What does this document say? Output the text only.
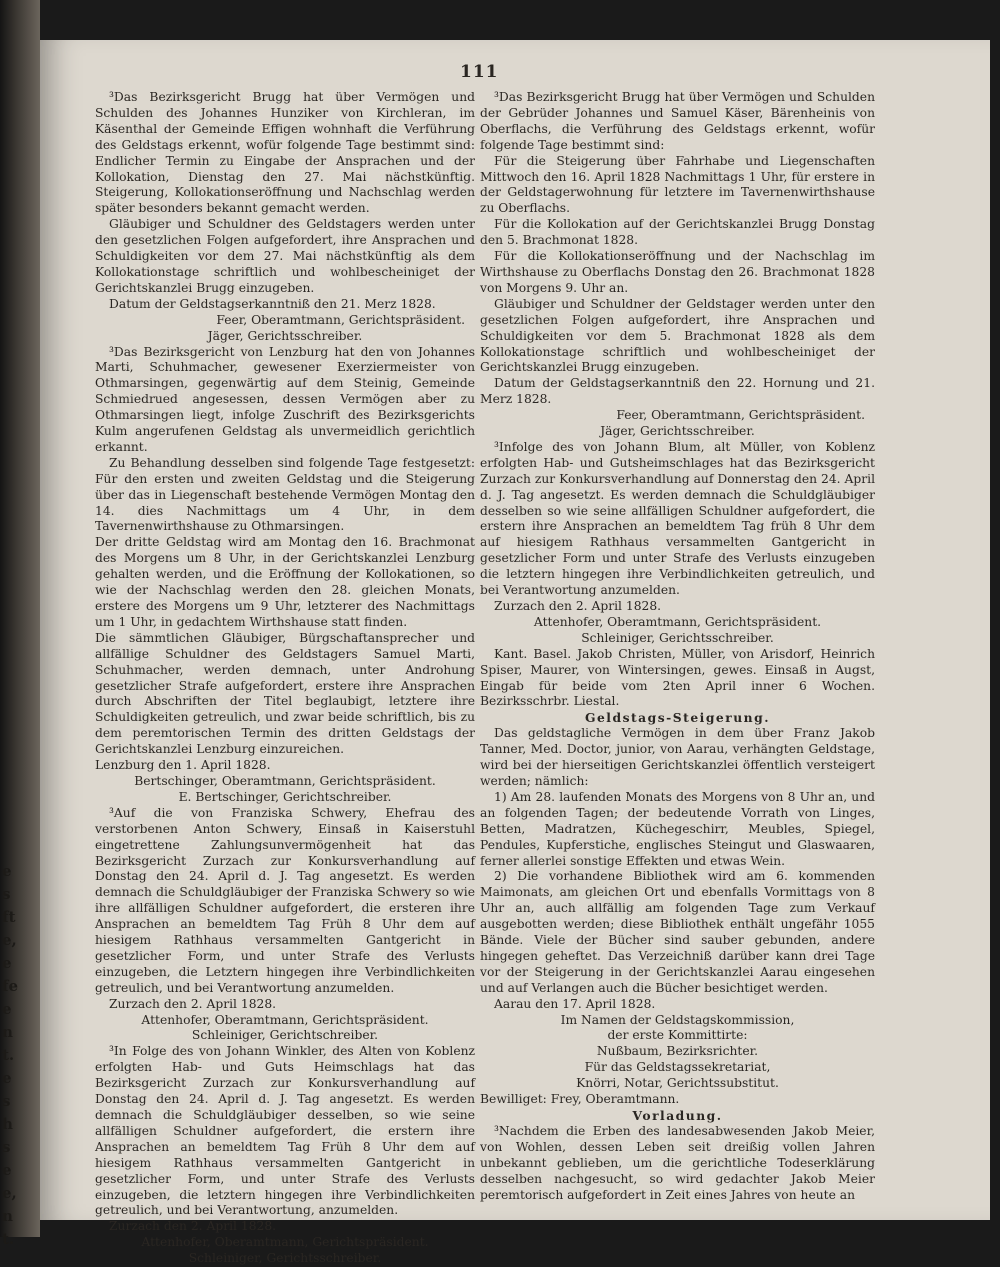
e
s
ft
e,
e
fe
e
n
t.
e
s
h
s
e
e,
n
t.
111

³Das Bezirksgericht Brugg hat über Vermögen und Schulden des Johannes Hunziker von Kirchleran, im Käsenthal der Gemeinde Effigen wohnhaft die Verführung des Geldstags erkennt, wofür folgende Tage bestimmt sind: Endlicher Termin zu Eingabe der Ansprachen und der Kollokation, Dienstag den 27. Mai nächstkünftig. Steigerung, Kollokationseröffnung und Nachschlag werden später besonders bekannt gemacht werden.

Gläubiger und Schuldner des Geldstagers werden unter den gesetzlichen Folgen aufgefordert, ihre Ansprachen und Schuldigkeiten vor dem 27. Mai nächstkünftig als dem Kollokationstage schriftlich und wohlbescheiniget der Gerichtskanzlei Brugg einzugeben.

Datum der Geldstagserkanntniß den 21. Merz 1828.

Feer, Oberamtmann, Gerichtspräsident.

Jäger, Gerichtsschreiber.

³Das Bezirksgericht von Lenzburg hat den von Johannes Marti, Schuhmacher, gewesener Exerziermeister von Othmarsingen, gegenwärtig auf dem Steinig, Gemeinde Schmiedrued angesessen, dessen Vermögen aber zu Othmarsingen liegt, infolge Zuschrift des Bezirksgerichts Kulm angerufenen Geldstag als unvermeidlich gerichtlich erkannt.

Zu Behandlung desselben sind folgende Tage festgesetzt: Für den ersten und zweiten Geldstag und die Steigerung über das in Liegenschaft bestehende Vermögen Montag den 14. dies Nachmittags um 4 Uhr, in dem Tavernenwirthshause zu Othmarsingen.

Der dritte Geldstag wird am Montag den 16. Brachmonat des Morgens um 8 Uhr, in der Gerichtskanzlei Lenzburg gehalten werden, und die Eröffnung der Kollokationen, so wie der Nachschlag werden den 28. gleichen Monats, erstere des Morgens um 9 Uhr, letzterer des Nachmittags um 1 Uhr, in gedachtem Wirthshause statt finden.

Die sämmtlichen Gläubiger, Bürgschaftansprecher und allfällige Schuldner des Geldstagers Samuel Marti, Schuhmacher, werden demnach, unter Androhung gesetzlicher Strafe aufgefordert, erstere ihre Ansprachen durch Abschriften der Titel beglaubigt, letztere ihre Schuldigkeiten getreulich, und zwar beide schriftlich, bis zu dem peremtorischen Termin des dritten Geldstags der Gerichtskanzlei Lenzburg einzureichen.

Lenzburg den 1. April 1828.

Bertschinger, Oberamtmann, Gerichtspräsident.

E. Bertschinger, Gerichtschreiber.

³Auf die von Franziska Schwery, Ehefrau des verstorbenen Anton Schwery, Einsaß in Kaiserstuhl eingetrettene Zahlungsunvermögenheit hat das Bezirksgericht Zurzach zur Konkursverhandlung auf Donstag den 24. April d. J. Tag angesetzt. Es werden demnach die Schuldgläubiger der Franziska Schwery so wie ihre allfälligen Schuldner aufgefordert, die ersteren ihre Ansprachen an bemeldtem Tag Früh 8 Uhr dem auf hiesigem Rathhaus versammelten Gantgericht in gesetzlicher Form, und unter Strafe des Verlusts einzugeben, die Letztern hingegen ihre Verbindlichkeiten getreulich, und bei Verantwortung anzumelden.

Zurzach den 2. April 1828.

Attenhofer, Oberamtmann, Gerichtspräsident.

Schleiniger, Gerichtschreiber.

³In Folge des von Johann Winkler, des Alten von Koblenz erfolgten Hab- und Guts Heimschlags hat das Bezirksgericht Zurzach zur Konkursverhandlung auf Donstag den 24. April d. J. Tag angesetzt. Es werden demnach die Schuldgläubiger desselben, so wie seine allfälligen Schuldner aufgefordert, die erstern ihre Ansprachen an bemeldtem Tag Früh 8 Uhr dem auf hiesigem Rathhaus versammelten Gantgericht in gesetzlicher Form, und unter Strafe des Verlusts einzugeben, die letztern hingegen ihre Verbindlichkeiten getreulich, und bei Verantwortung, anzumelden.

Zurzach den 2. April 1828.

Attenhofer, Oberamtmann, Gerichtspräsident.

Schleiniger, Gerichtsschreiber.

³Das Bezirksgericht Brugg hat über Vermögen und Schulden der Gebrüder Johannes und Samuel Käser, Bärenheinis von Oberflachs, die Verführung des Geldstags erkennt, wofür folgende Tage bestimmt sind:

Für die Steigerung über Fahrhabe und Liegenschaften Mittwoch den 16. April 1828 Nachmittags 1 Uhr, für erstere in der Geldstagerwohnung für letztere im Tavernenwirthshause zu Oberflachs.

Für die Kollokation auf der Gerichtskanzlei Brugg Donstag den 5. Brachmonat 1828.

Für die Kollokationseröffnung und der Nachschlag im Wirthshause zu Oberflachs Donstag den 26. Brachmonat 1828 von Morgens 9. Uhr an.

Gläubiger und Schuldner der Geldstager werden unter den gesetzlichen Folgen aufgefordert, ihre Ansprachen und Schuldigkeiten vor dem 5. Brachmonat 1828 als dem Kollokationstage schriftlich und wohlbescheiniget der Gerichtskanzlei Brugg einzugeben.

Datum der Geldstagserkanntniß den 22. Hornung und 21. Merz 1828.

Feer, Oberamtmann, Gerichtspräsident.

Jäger, Gerichtsschreiber.

³Infolge des von Johann Blum, alt Müller, von Koblenz erfolgten Hab- und Gutsheimschlages hat das Bezirksgericht Zurzach zur Konkursverhandlung auf Donnerstag den 24. April d. J. Tag angesetzt. Es werden demnach die Schuldgläubiger desselben so wie seine allfälligen Schuldner aufgefordert, die erstern ihre Ansprachen an bemeldtem Tag früh 8 Uhr dem auf hiesigem Rathhaus versammelten Gantgericht in gesetzlicher Form und unter Strafe des Verlusts einzugeben die letztern hingegen ihre Verbindlichkeiten getreulich, und bei Verantwortung anzumelden.

Zurzach den 2. April 1828.

Attenhofer, Oberamtmann, Gerichtspräsident.

Schleiniger, Gerichtsschreiber.

Kant. Basel. Jakob Christen, Müller, von Arisdorf, Heinrich Spiser, Maurer, von Wintersingen, gewes. Einsaß in Augst, Eingab für beide vom 2ten April inner 6 Wochen. Bezirksschrbr. Liestal.

Geldstags-Steigerung.

Das geldstagliche Vermögen in dem über Franz Jakob Tanner, Med. Doctor, junior, von Aarau, verhängten Geldstage, wird bei der hierseitigen Gerichtskanzlei öffentlich versteigert werden; nämlich:

1) Am 28. laufenden Monats des Morgens von 8 Uhr an, und an folgenden Tagen; der bedeutende Vorrath von Linges, Betten, Madratzen, Küchegeschirr, Meubles, Spiegel, Pendules, Kupferstiche, englisches Steingut und Glaswaaren, ferner allerlei sonstige Effekten und etwas Wein.

2) Die vorhandene Bibliothek wird am 6. kommenden Maimonats, am gleichen Ort und ebenfalls Vormittags von 8 Uhr an, auch allfällig am folgenden Tage zum Verkauf ausgebotten werden; diese Bibliothek enthält ungefähr 1055 Bände. Viele der Bücher sind sauber gebunden, andere hingegen geheftet. Das Verzeichniß darüber kann drei Tage vor der Steigerung in der Gerichtskanzlei Aarau eingesehen und auf Verlangen auch die Bücher besichtiget werden.

Aarau den 17. April 1828.

Im Namen der Geldstagskommission,

der erste Kommittirte:

Nußbaum, Bezirksrichter.

Für das Geldstagssekretariat,

Knörri, Notar, Gerichtssubstitut.

Bewilliget: Frey, Oberamtmann.

Vorladung.

³Nachdem die Erben des landesabwesenden Jakob Meier, von Wohlen, dessen Leben seit dreißig vollen Jahren unbekannt geblieben, um die gerichtliche Todeserklärung desselben nachgesucht, so wird gedachter Jakob Meier peremtorisch aufgefordert in Zeit eines Jahres von heute an
